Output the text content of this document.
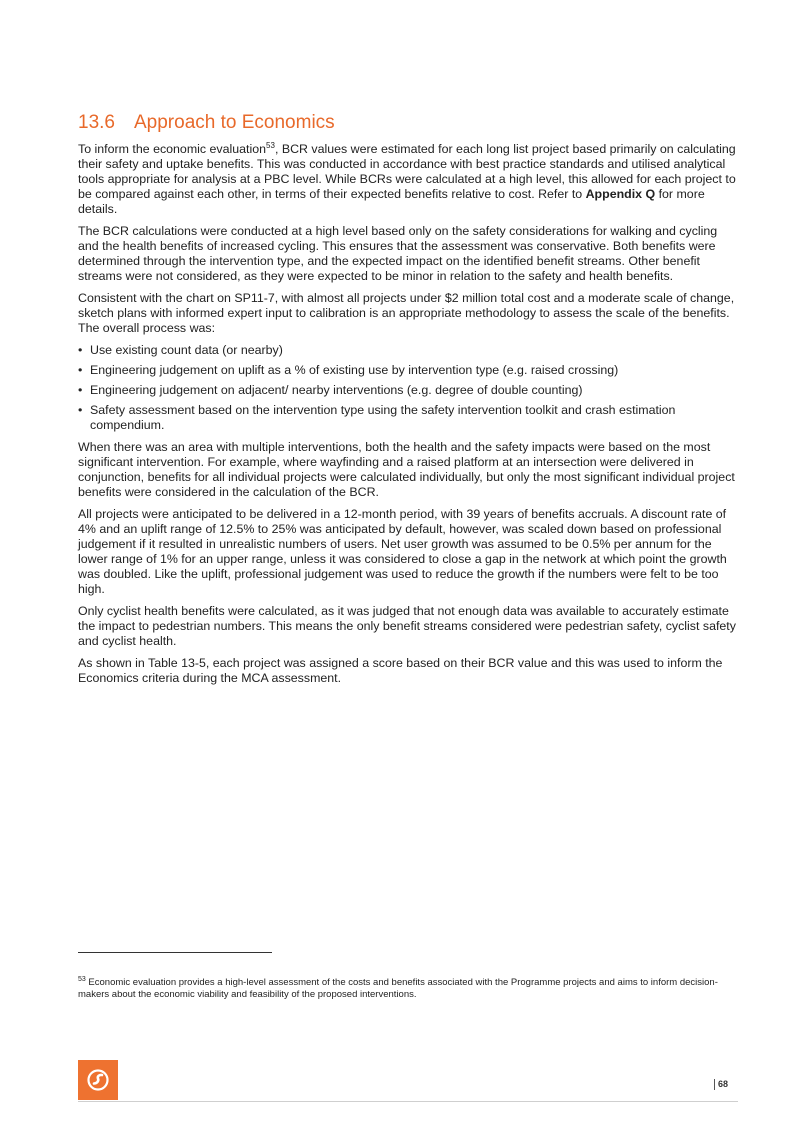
13.6 Approach to Economics

To inform the economic evaluation$^{53}$, BCR values were estimated for each long list project based primarily on calculating their safety and uptake benefits. This was conducted in accordance with best practice standards and utilised analytical tools appropriate for analysis at a PBC level. While BCRs were calculated at a high level, this allowed for each project to be compared against each other, in terms of their expected benefits relative to cost. Refer to Appendix Q for more details.

The BCR calculations were conducted at a high level based only on the safety considerations for walking and cycling and the health benefits of increased cycling. This ensures that the assessment was conservative. Both benefits were determined through the intervention type, and the expected impact on the identified benefit streams. Other benefit streams were not considered, as they were expected to be minor in relation to the safety and health benefits.

Consistent with the chart on SP11-7, with almost all projects under $2 million total cost and a moderate scale of change, sketch plans with informed expert input to calibration is an appropriate methodology to assess the scale of the benefits. The overall process was:

• Use existing count data (or nearby)
• Engineering judgement on uplift as a % of existing use by intervention type (e.g. raised crossing)
• Engineering judgement on adjacent/ nearby interventions (e.g. degree of double counting)
• Safety assessment based on the intervention type using the safety intervention toolkit and crash estimation compendium.

When there was an area with multiple interventions, both the health and the safety impacts were based on the most significant intervention. For example, where wayfinding and a raised platform at an intersection were delivered in conjunction, benefits for all individual projects were calculated individually, but only the most significant individual project benefits were considered in the calculation of the BCR.

All projects were anticipated to be delivered in a 12-month period, with 39 years of benefits accruals. A discount rate of 4% and an uplift range of 12.5% to 25% was anticipated by default, however, was scaled down based on professional judgement if it resulted in unrealistic numbers of users. Net user growth was assumed to be 0.5% per annum for the lower range of 1% for an upper range, unless it was considered to close a gap in the network at which point the growth was doubled. Like the uplift, professional judgement was used to reduce the growth if the numbers were felt to be too high.

Only cyclist health benefits were calculated, as it was judged that not enough data was available to accurately estimate the impact to pedestrian numbers. This means the only benefit streams considered were pedestrian safety, cyclist safety and cyclist health.

As shown in Table 13-5, each project was assigned a score based on their BCR value and this was used to inform the Economics criteria during the MCA assessment.

$^{53}$ Economic evaluation provides a high-level assessment of the costs and benefits associated with the Programme projects and aims to inform decision-makers about the economic viability and feasibility of the proposed interventions.
68
